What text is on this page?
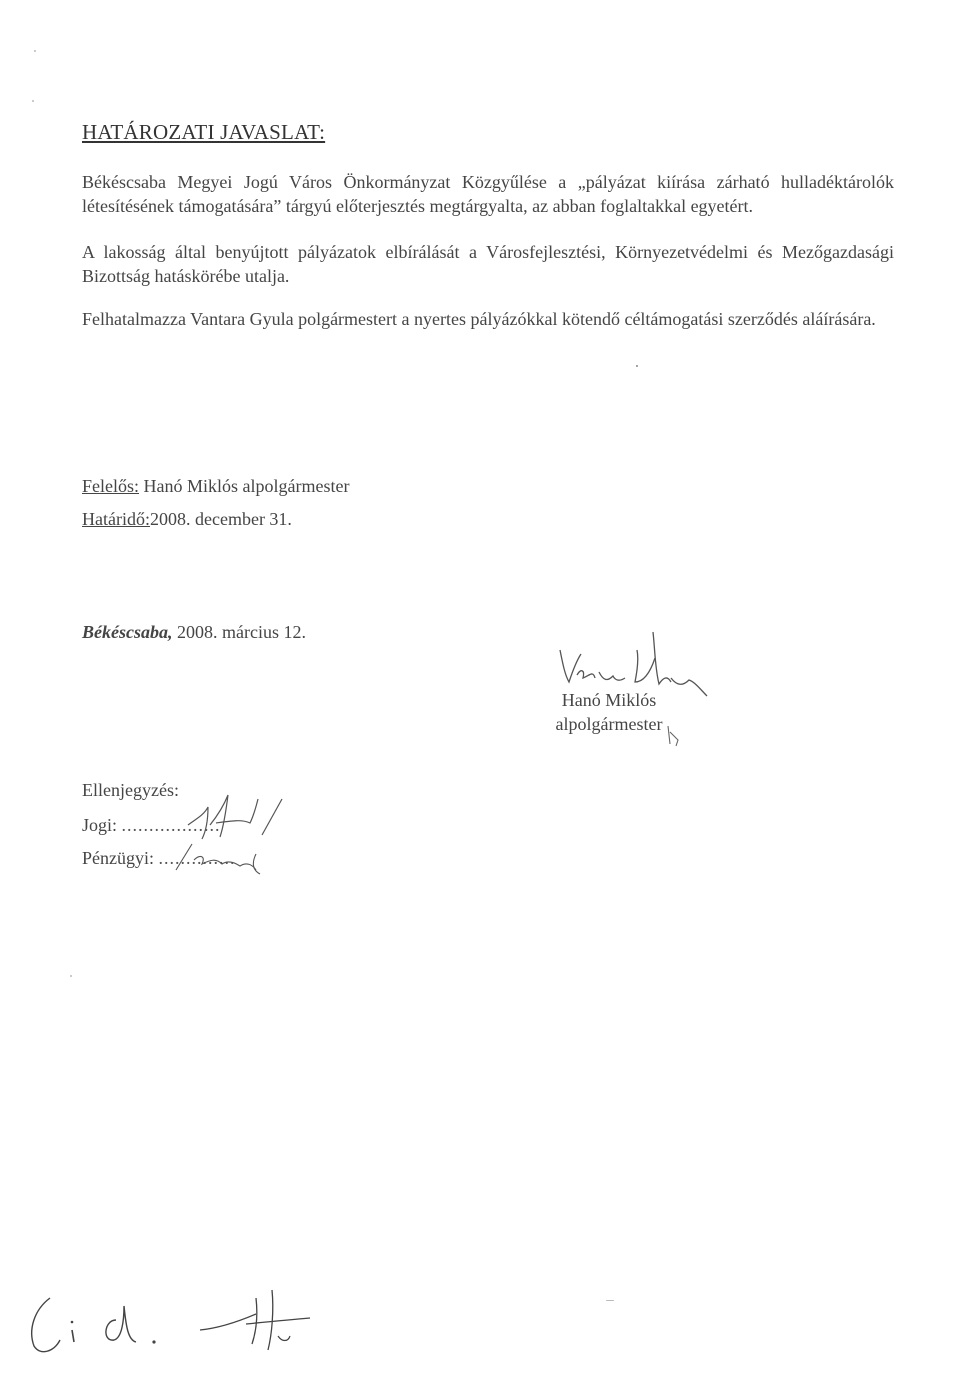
HATÁROZATI JAVASLAT:
Békéscsaba Megyei Jogú Város Önkormányzat Közgyűlése a „pályázat kiírása zárható hulladéktárolók létesítésének támogatására” tárgyú előterjesztés megtárgyalta, az abban foglaltakkal egyetért.
A lakosság által benyújtott pályázatok elbírálását a Városfejlesztési, Környezetvédelmi és Mezőgazdasági Bizottság hatáskörébe utalja.
Felhatalmazza Vantara Gyula polgármestert a nyertes pályázókkal kötendő céltámogatási szerződés aláírására.
Felelős: Hanó Miklós alpolgármester
Határidő:2008. december 31.
Békéscsaba, 2008. március 12.
Hanó Miklós
alpolgármester
Ellenjegyzés:
Jogi: ..................
Pénzügyi: ..............
